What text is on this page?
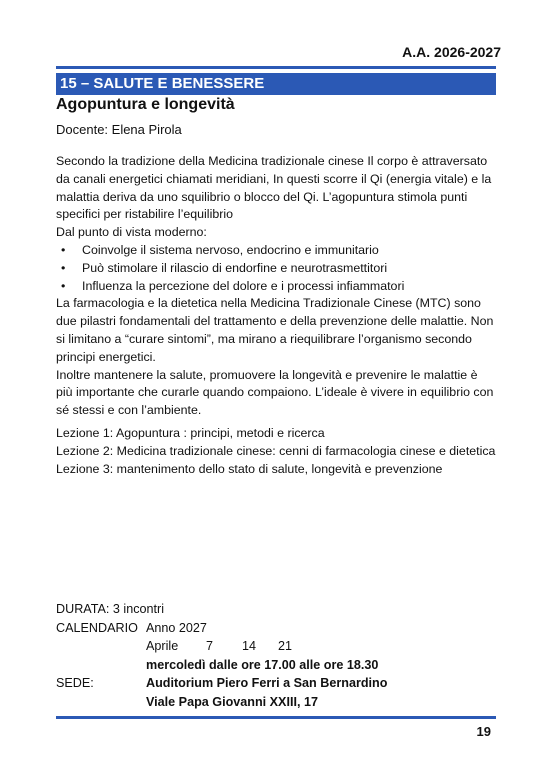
A.A. 2026-2027
15 – SALUTE E BENESSERE
Agopuntura e longevità
Docente: Elena Pirola

Secondo la tradizione della Medicina tradizionale cinese Il corpo è attraversato da canali energetici chiamati meridiani, In questi scorre il Qi (energia vitale) e la malattia deriva da uno squilibrio o blocco del Qi. L’agopuntura stimola punti specifici per ristabilire l’equilibrio

Dal punto di vista moderno:

• Coinvolge il sistema nervoso, endocrino e immunitario
• Può stimolare il rilascio di endorfine e neurotrasmettitori
• Influenza la percezione del dolore e i processi infiammatori

La farmacologia e la dietetica nella Medicina Tradizionale Cinese (MTC) sono due pilastri fondamentali del trattamento e della prevenzione delle malattie. Non si limitano a “curare sintomi”, ma mirano a riequilibrare l’organismo secondo principi energetici.

Inoltre mantenere la salute, promuovere la longevità e prevenire le malattie è più importante che curarle quando compaiono. L’ideale è vivere in equilibrio con sé stessi e con l’ambiente.

Lezione 1: Agopuntura : principi, metodi e ricerca

Lezione 2: Medicina tradizionale cinese: cenni di farmacologia cinese e dietetica

Lezione 3: mantenimento dello stato di salute, longevità e prevenzione

DURATA: 3 incontri
CALENDARIO Anno 2027
Aprile 7 14 21
mercoledì dalle ore 17.00 alle ore 18.30
SEDE:	Auditorium Piero Ferri a San Bernardino
Viale Papa Giovanni XXIII, 17
19
